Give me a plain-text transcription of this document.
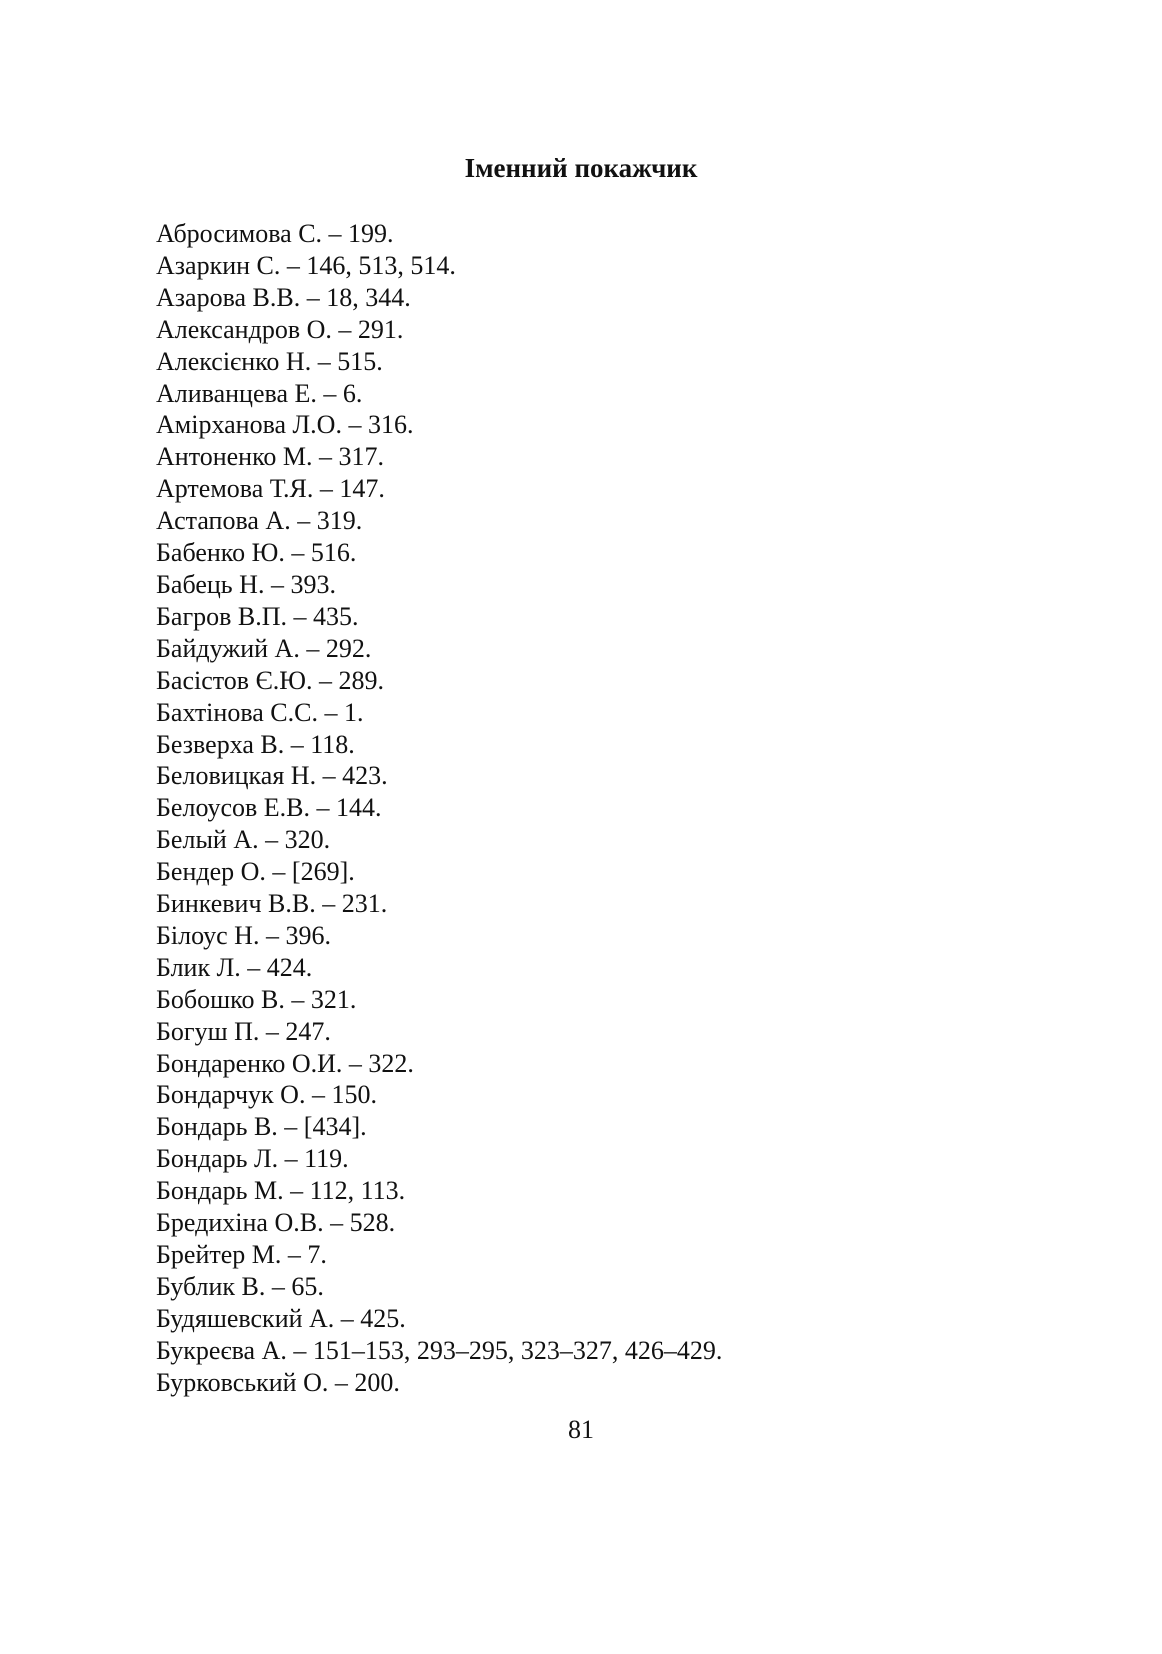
Іменний покажчик
Абросимова С. – 199.
Азаркин С. – 146, 513, 514.
Азарова В.В. – 18, 344.
Александров О. – 291.
Алексієнко Н. – 515.
Аливанцева Е. – 6.
Амірханова Л.О. – 316.
Антоненко М. – 317.
Артемова Т.Я. – 147.
Астапова А. – 319.
Бабенко Ю. – 516.
Бабець Н. – 393.
Багров В.П. – 435.
Байдужий А. – 292.
Басістов Є.Ю. – 289.
Бахтінова С.С. – 1.
Безверха В. – 118.
Беловицкая Н. – 423.
Белоусов Е.В. – 144.
Белый А. – 320.
Бендер О. – [269].
Бинкевич В.В. – 231.
Білоус Н. – 396.
Блик Л. – 424.
Бобошко В. – 321.
Богуш П. – 247.
Бондаренко О.И. – 322.
Бондарчук О. – 150.
Бондарь В. – [434].
Бондарь Л. – 119.
Бондарь М. – 112, 113.
Бредихіна О.В. – 528.
Брейтер М. – 7.
Бублик В. – 65.
Будяшевский А. – 425.
Букреєва А. – 151–153, 293–295, 323–327, 426–429.
Бурковський О. – 200.
81
